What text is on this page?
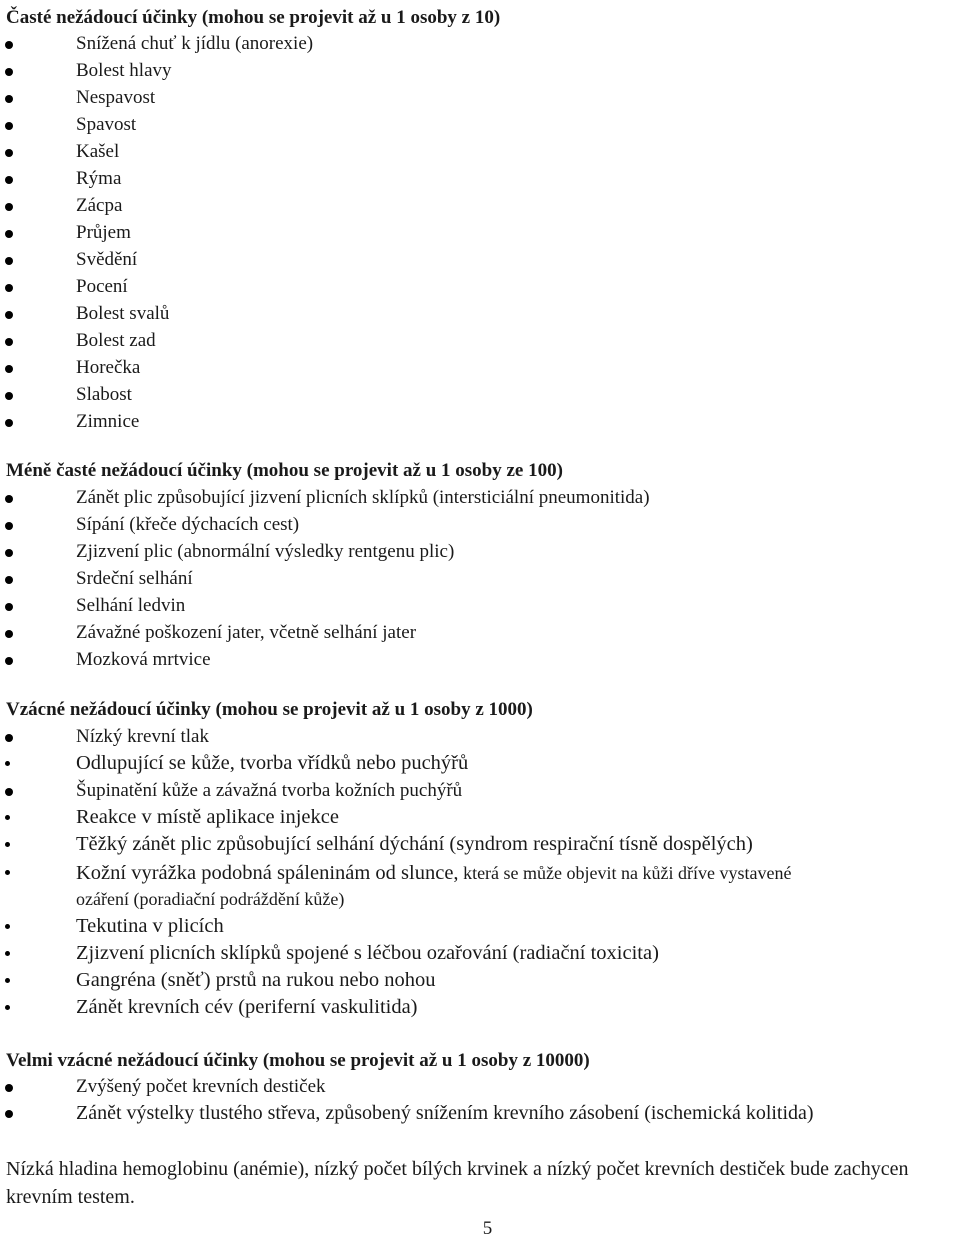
Časté nežádoucí účinky (mohou se projevit až u 1 osoby z 10)
Snížená chuť k jídlu (anorexie)
Bolest hlavy
Nespavost
Spavost
Kašel
Rýma
Zácpa
Průjem
Svědění
Pocení
Bolest svalů
Bolest zad
Horečka
Slabost
Zimnice
Méně časté nežádoucí účinky (mohou se projevit až u 1 osoby ze 100)
Zánět plic způsobující jizvení plicních sklípků (intersticiální pneumonitida)
Sípání (křeče dýchacích cest)
Zjizvení plic (abnormální výsledky rentgenu plic)
Srdeční selhání
Selhání ledvin
Závažné poškození jater, včetně selhání jater
Mozková mrtvice
Vzácné nežádoucí účinky (mohou se projevit až u 1 osoby z 1000)
Nízký krevní tlak
Odlupující se kůže, tvorba vřídků nebo puchýřů
Šupinatění kůže a závažná tvorba kožních puchýřů
Reakce v místě aplikace injekce
Těžký zánět plic způsobující selhání dýchání (syndrom respirační tísně dospělých)
Kožní vyrážka podobná spáleninám od slunce, která se může objevit na kůži dříve vystavené
ozáření (poradiační podráždění kůže)
Tekutina v plicích
Zjizvení plicních sklípků spojené s léčbou ozařování (radiační toxicita)
Gangréna (sněť) prstů na rukou nebo nohou
Zánět krevních cév (periferní vaskulitida)
Velmi vzácné nežádoucí účinky (mohou se projevit až u 1 osoby z 10000)
Zvýšený počet krevních destiček
Zánět výstelky tlustého střeva, způsobený snížením krevního zásobení (ischemická kolitida)
Nízká hladina hemoglobinu (anémie), nízký počet bílých krvinek a nízký počet krevních destiček bude zachycen krevním testem.
5
